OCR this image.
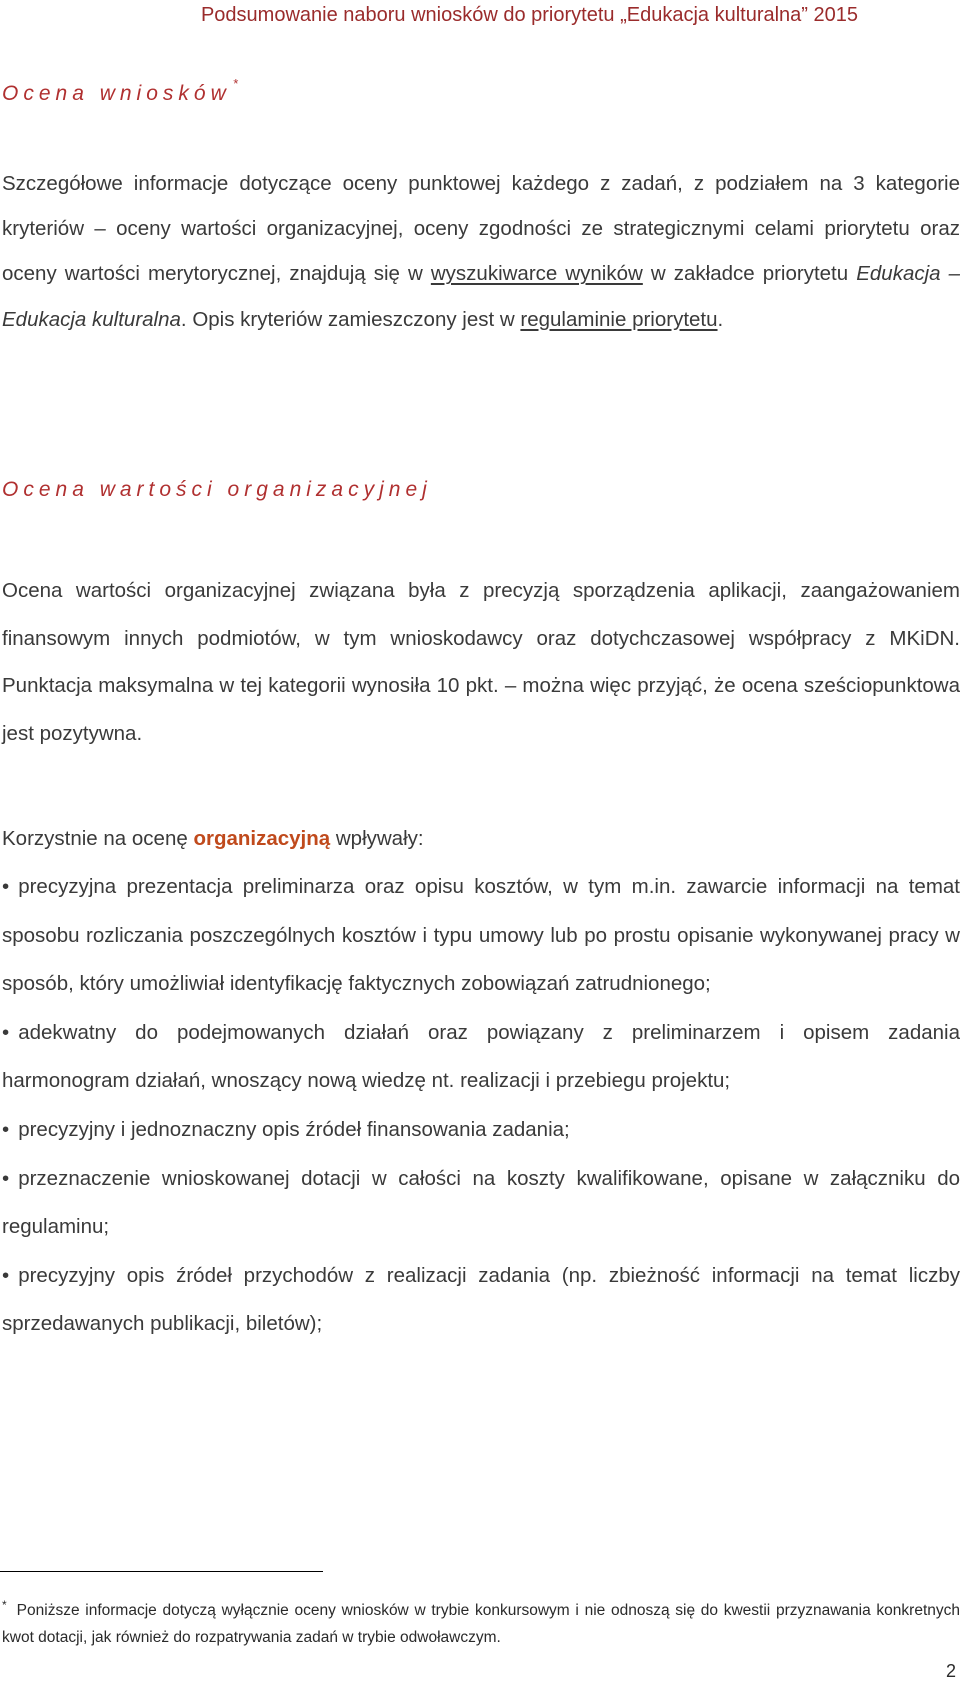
Podsumowanie naboru wniosków do priorytetu „Edukacja kulturalna” 2015
Ocena wniosków *

Szczegółowe informacje dotyczące oceny punktowej każdego z zadań, z podziałem na 3 kategorie kryteriów – oceny wartości organizacyjnej, oceny zgodności ze strategicznymi celami priorytetu oraz oceny wartości merytorycznej, znajdują się w wyszukiwarce wyników w zakładce priorytetu Edukacja – Edukacja kulturalna. Opis kryteriów zamieszczony jest w regulaminie priorytetu.

Ocena wartości organizacyjnej

Ocena wartości organizacyjnej związana była z precyzją sporządzenia aplikacji, zaangażowaniem finansowym innych podmiotów, w tym wnioskodawcy oraz dotychczasowej współpracy z MKiDN. Punktacja maksymalna w tej kategorii wynosiła 10 pkt. – można więc przyjąć, że ocena sześciopunktowa jest pozytywna.

Korzystnie na ocenę organizacyjną wpływały:

• precyzyjna prezentacja preliminarza oraz opisu kosztów, w tym m.in. zawarcie informacji na temat sposobu rozliczania poszczególnych kosztów i typu umowy lub po prostu opisanie wykonywanej pracy w sposób, który umożliwiał identyfikację faktycznych zobowiązań zatrudnionego;
• adekwatny do podejmowanych działań oraz powiązany z preliminarzem i opisem zadania harmonogram działań, wnoszący nową wiedzę nt. realizacji i przebiegu projektu;
• precyzyjny i jednoznaczny opis źródeł finansowania zadania;
• przeznaczenie wnioskowanej dotacji w całości na koszty kwalifikowane, opisane w załączniku do regulaminu;
• precyzyjny opis źródeł przychodów z realizacji zadania (np. zbieżność informacji na temat liczby sprzedawanych publikacji, biletów);

* Poniższe informacje dotyczą wyłącznie oceny wniosków w trybie konkursowym i nie odnoszą się do kwestii przyznawania konkretnych kwot dotacji, jak również do rozpatrywania zadań w trybie odwoławczym.

2
